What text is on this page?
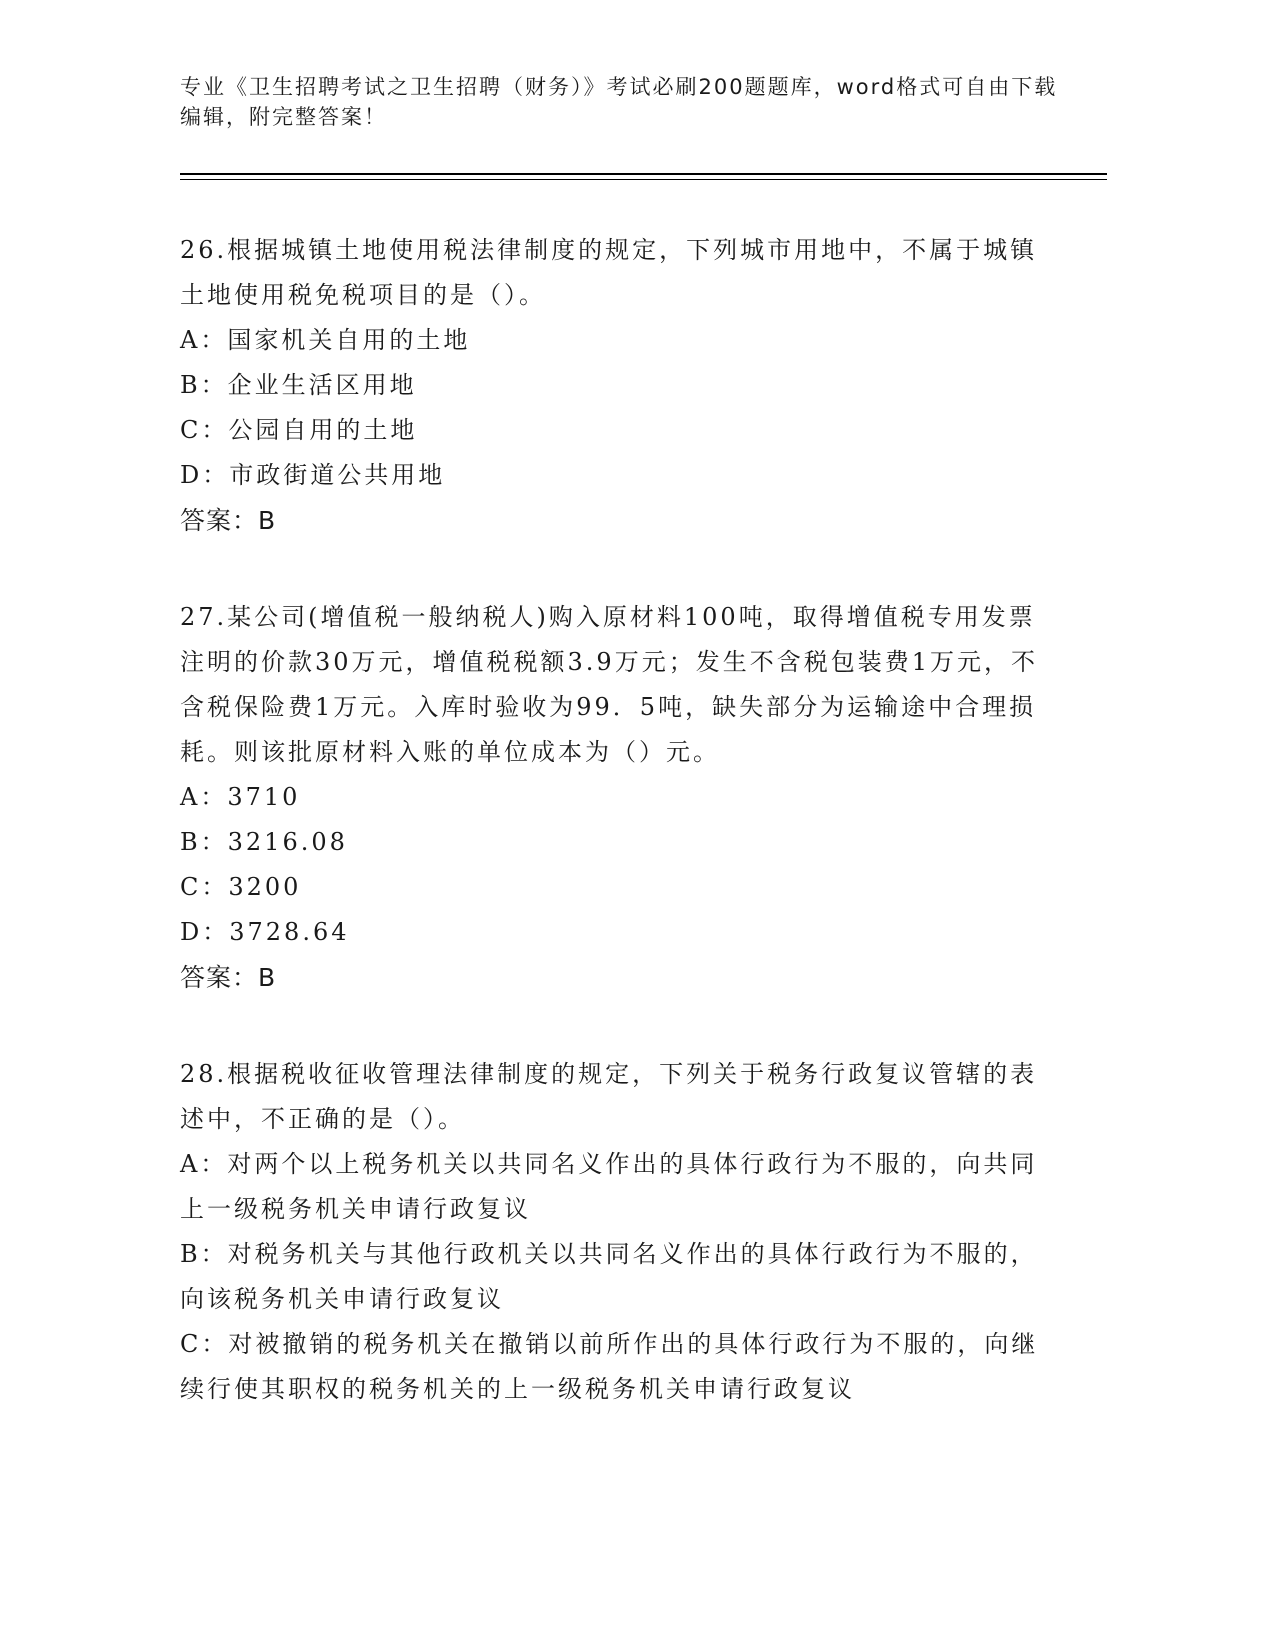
专业《卫生招聘考试之卫生招聘（财务）》考试必刷200题题库，word格式可自由下载编辑，附完整答案！
26.根据城镇土地使用税法律制度的规定，下列城市用地中，不属于城镇土地使用税免税项目的是（）。
A：国家机关自用的土地
B：企业生活区用地
C：公园自用的土地
D：市政街道公共用地
答案：B
27.某公司(增值税一般纳税人)购入原材料100吨，取得增值税专用发票注明的价款30万元，增值税税额3.9万元；发生不含税包装费1万元，不含税保险费1万元。入库时验收为99．5吨，缺失部分为运输途中合理损耗。则该批原材料入账的单位成本为（）元。
A：3710
B：3216.08
C：3200
D：3728.64
答案：B
28.根据税收征收管理法律制度的规定，下列关于税务行政复议管辖的表述中，不正确的是（）。
A：对两个以上税务机关以共同名义作出的具体行政行为不服的，向共同上一级税务机关申请行政复议
B：对税务机关与其他行政机关以共同名义作出的具体行政行为不服的，向该税务机关申请行政复议
C：对被撤销的税务机关在撤销以前所作出的具体行政行为不服的，向继续行使其职权的税务机关的上一级税务机关申请行政复议
